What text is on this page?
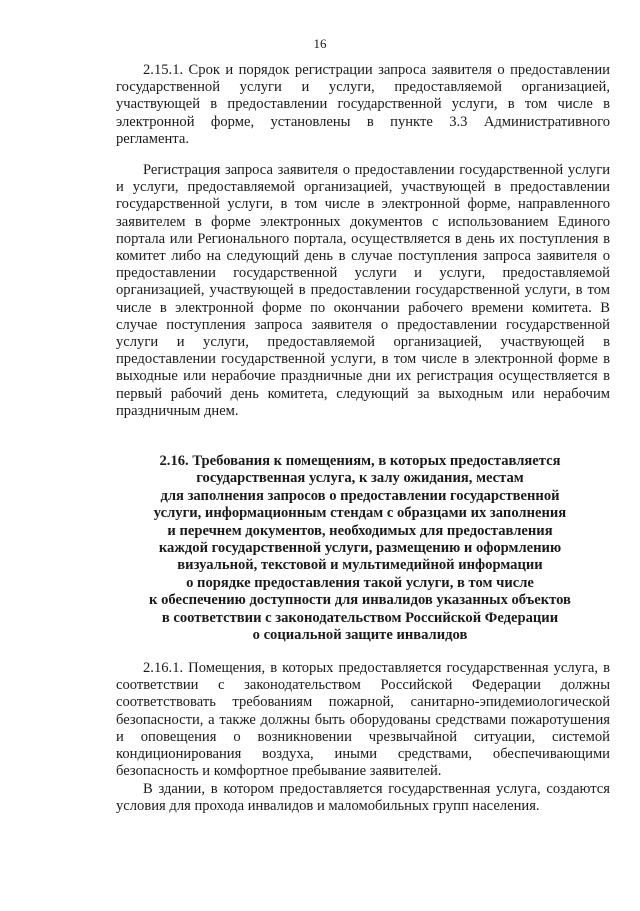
16

2.15.1. Срок и порядок регистрации запроса заявителя о предоставлении государственной услуги и услуги, предоставляемой организацией, участвующей в предоставлении государственной услуги, в том числе в электронной форме, установлены в пункте 3.3 Административного регламента.

Регистрация запроса заявителя о предоставлении государственной услуги и услуги, предоставляемой организацией, участвующей в предоставлении государственной услуги, в том числе в электронной форме, направленного заявителем в форме электронных документов с использованием Единого портала или Регионального портала, осуществляется в день их поступления в комитет либо на следующий день в случае поступления запроса заявителя о предоставлении государственной услуги и услуги, предоставляемой организацией, участвующей в предоставлении государственной услуги, в том числе в электронной форме по окончании рабочего времени комитета. В случае поступления запроса заявителя о предоставлении государственной услуги и услуги, предоставляемой организацией, участвующей в предоставлении государственной услуги, в том числе в электронной форме в выходные или нерабочие праздничные дни их регистрация осуществляется в первый рабочий день комитета, следующий за выходным или нерабочим праздничным днем.

2.16. Требования к помещениям, в которых предоставляется
государственная услуга, к залу ожидания, местам
для заполнения запросов о предоставлении государственной
услуги, информационным стендам с образцами их заполнения
и перечнем документов, необходимых для предоставления
каждой государственной услуги, размещению и оформлению
визуальной, текстовой и мультимедийной информации
о порядке предоставления такой услуги, в том числе
к обеспечению доступности для инвалидов указанных объектов
в соответствии с законодательством Российской Федерации
о социальной защите инвалидов

2.16.1. Помещения, в которых предоставляется государственная услуга, в соответствии с законодательством Российской Федерации должны соответствовать требованиям пожарной, санитарно-эпидемиологической безопасности, а также должны быть оборудованы средствами пожаротушения и оповещения о возникновении чрезвычайной ситуации, системой кондиционирования воздуха, иными средствами, обеспечивающими безопасность и комфортное пребывание заявителей.

В здании, в котором предоставляется государственная услуга, создаются условия для прохода инвалидов и маломобильных групп населения.
